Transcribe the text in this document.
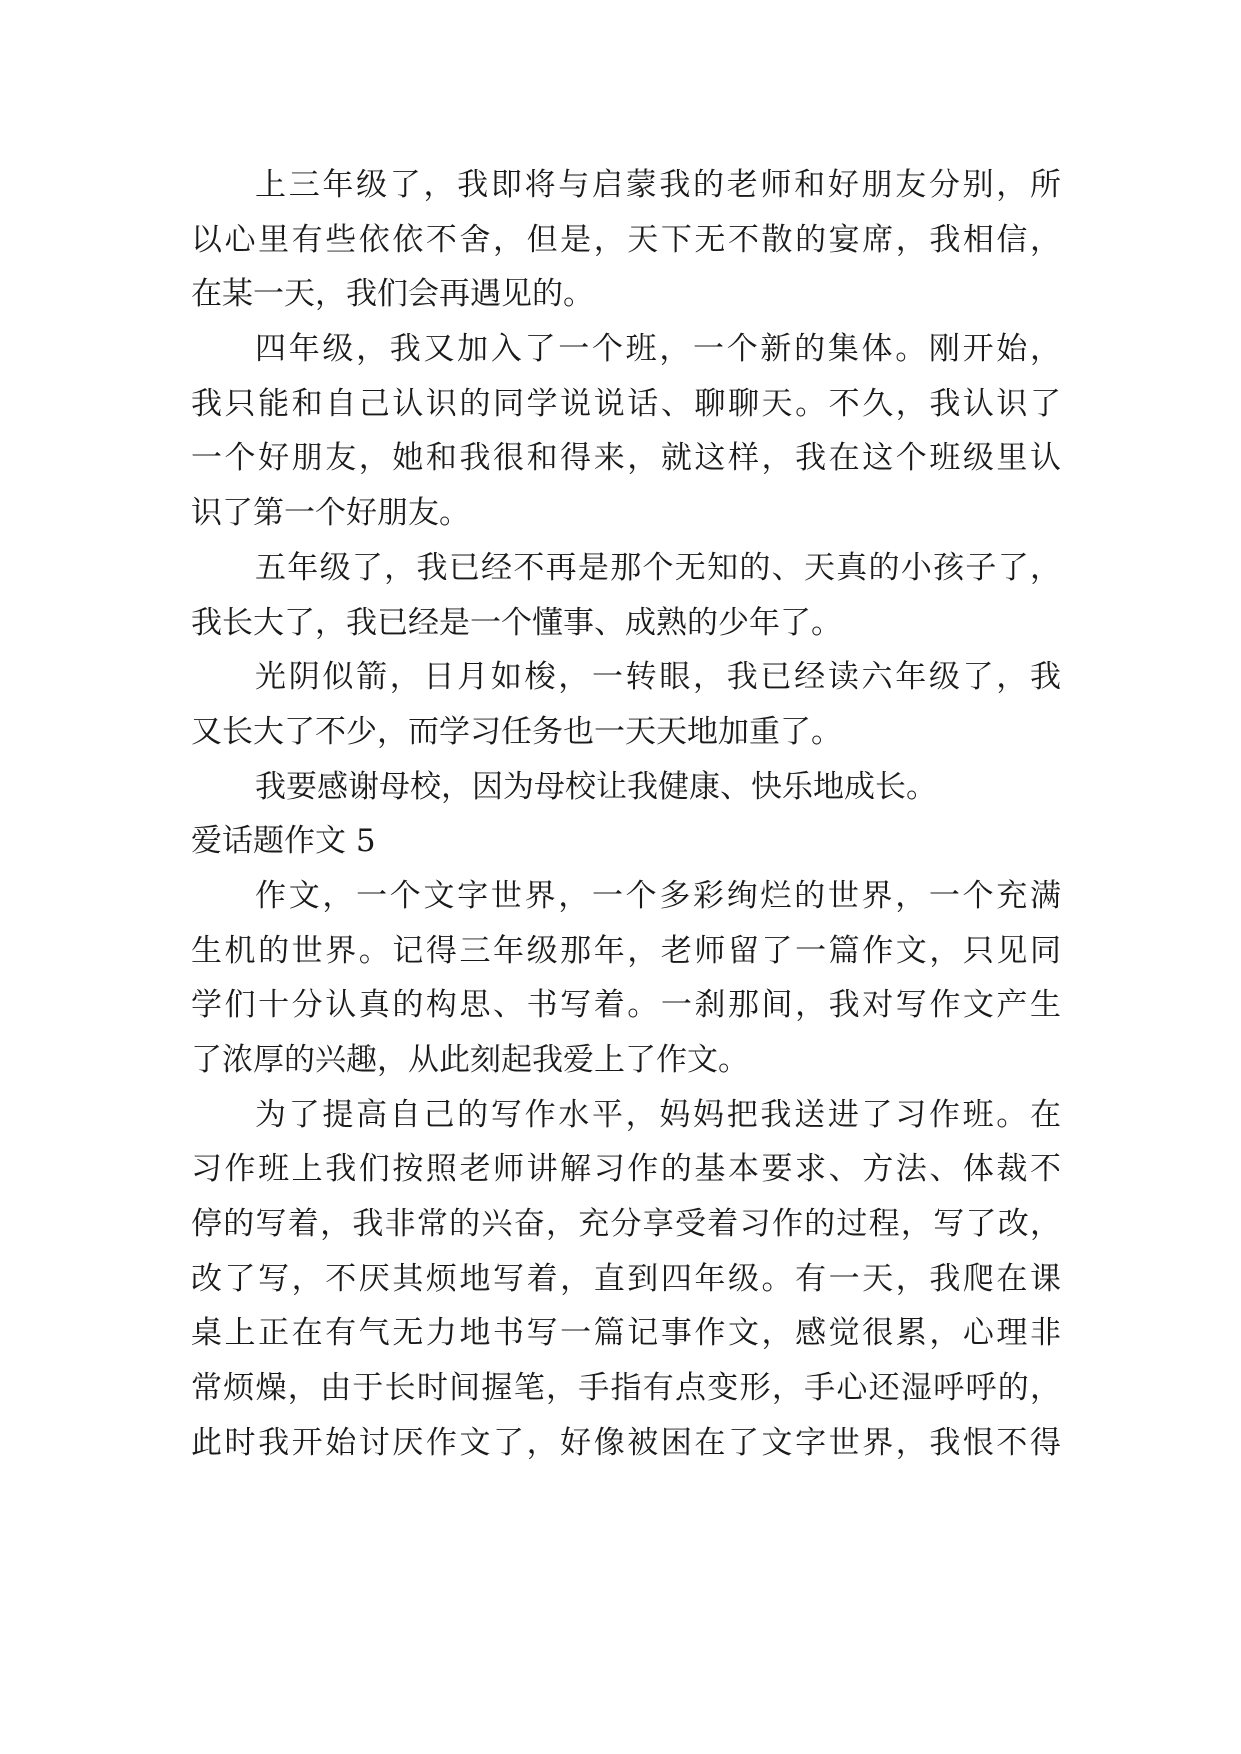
上三年级了，我即将与启蒙我的老师和好朋友分别，所
以心里有些依依不舍，但是，天下无不散的宴席，我相信，
在某一天，我们会再遇见的。
四年级，我又加入了一个班，一个新的集体。刚开始，
我只能和自己认识的同学说说话、聊聊天。不久，我认识了
一个好朋友，她和我很和得来，就这样，我在这个班级里认
识了第一个好朋友。
五年级了，我已经不再是那个无知的、天真的小孩子了，
我长大了，我已经是一个懂事、成熟的少年了。
光阴似箭，日月如梭，一转眼，我已经读六年级了，我
又长大了不少，而学习任务也一天天地加重了。
我要感谢母校，因为母校让我健康、快乐地成长。
爱话题作文 5
作文，一个文字世界，一个多彩绚烂的世界，一个充满
生机的世界。记得三年级那年，老师留了一篇作文，只见同
学们十分认真的构思、书写着。一刹那间，我对写作文产生
了浓厚的兴趣，从此刻起我爱上了作文。
为了提高自己的写作水平，妈妈把我送进了习作班。在
习作班上我们按照老师讲解习作的基本要求、方法、体裁不
停的写着，我非常的兴奋，充分享受着习作的过程，写了改，
改了写，不厌其烦地写着，直到四年级。有一天，我爬在课
桌上正在有气无力地书写一篇记事作文，感觉很累，心理非
常烦燥，由于长时间握笔，手指有点变形，手心还湿呼呼的，
此时我开始讨厌作文了，好像被困在了文字世界，我恨不得
